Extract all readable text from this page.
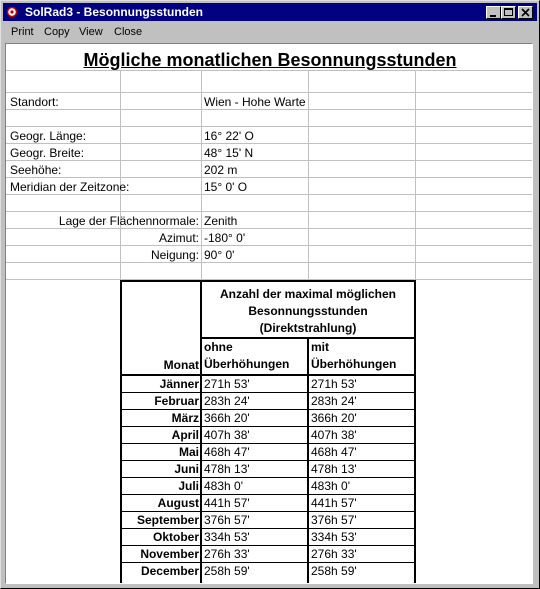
SolRad3 - Besonnungsstunden
Print Copy View Close
Mögliche monatlichen Besonnungsstunden
Standort:	Wien - Hohe Warte
Geogr. Länge:	16° 22' O
Geogr. Breite:	48° 15' N
Seehöhe:	202 m
Meridian der Zeitzone:	15° 0' O
Lage der Flächennormale: Zenith
Azimut: -180° 0'
Neigung: 90° 0'
Anzahl der maximal möglichen Besonnungsstunden (Direktstrahlung)
Monat
ohne Überhöhungen
mit Überhöhungen
Jänner 271h 53'	271h 53'
Februar 283h 24'	283h 24'
März 366h 20'	366h 20'
April 407h 38'	407h 38'
Mai 468h 47'	468h 47'
Juni 478h 13'	478h 13'
Juli 483h 0'	483h 0'
August 441h 57'	441h 57'
September 376h 57'	376h 57'
Oktober 334h 53'	334h 53'
November 276h 33'	276h 33'
December 258h 59'	258h 59'
